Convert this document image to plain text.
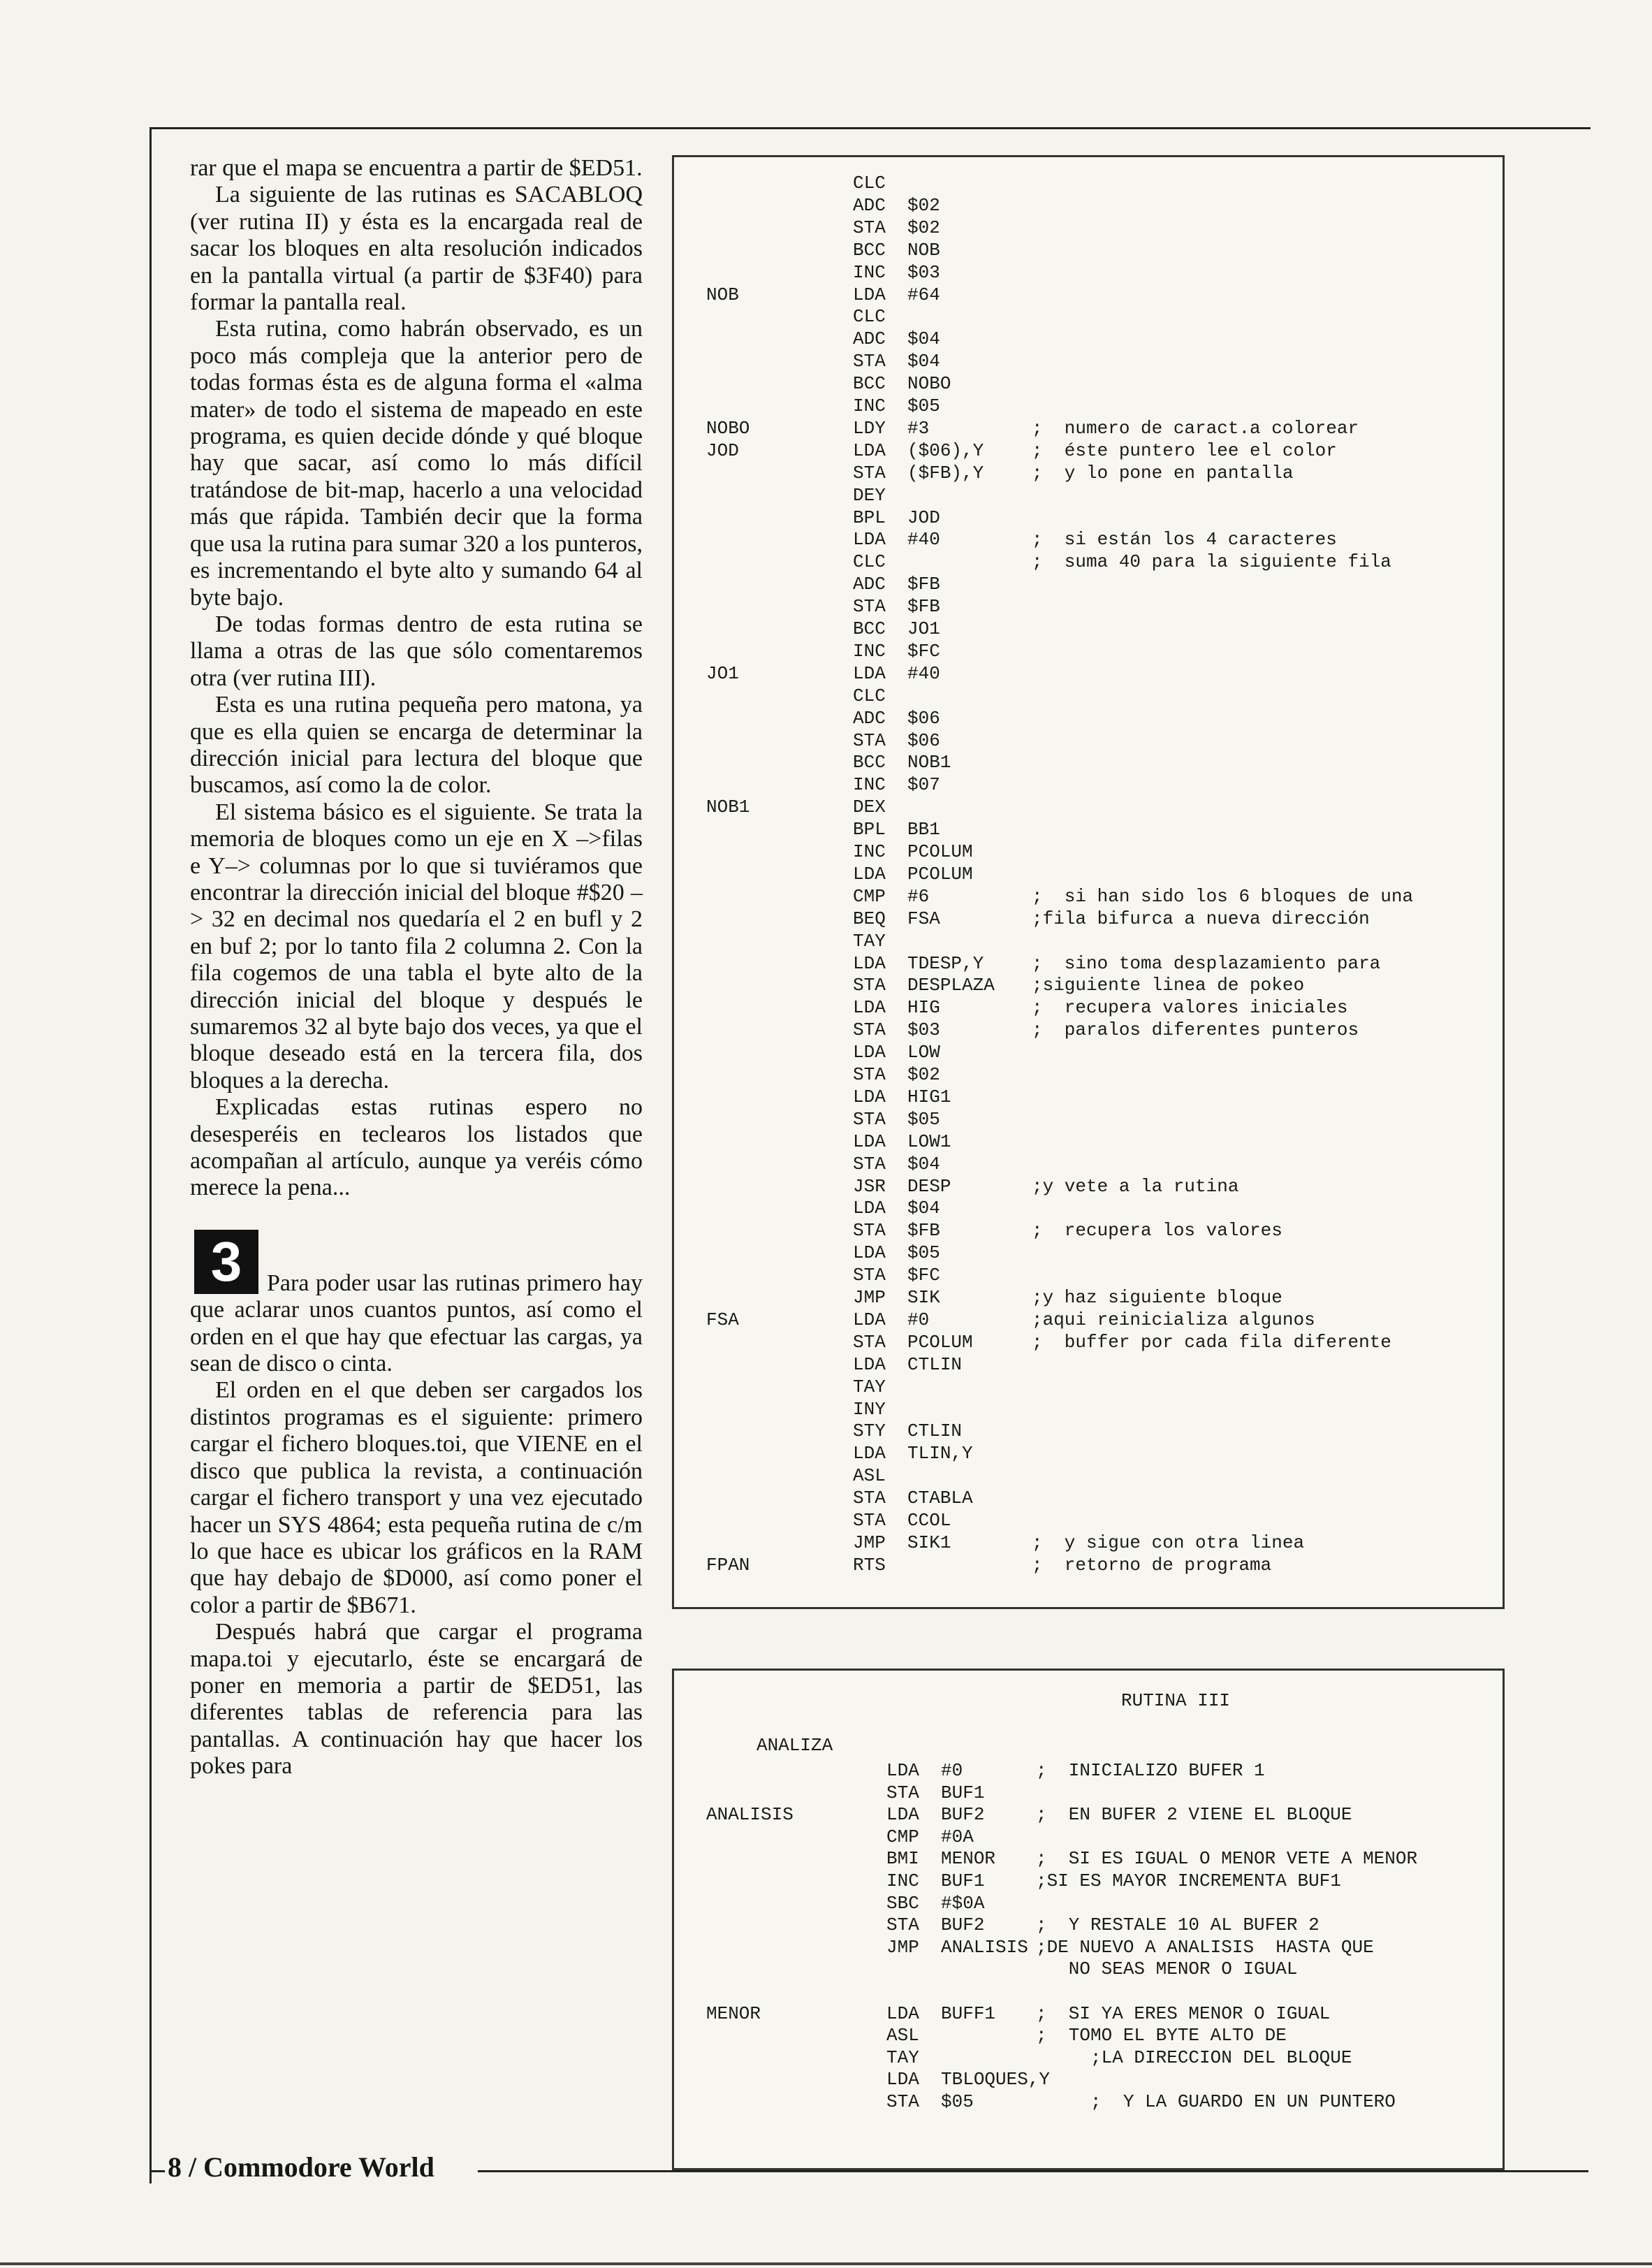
rar que el mapa se encuentra a partir de $ED51.

La siguiente de las rutinas es SACABLOQ (ver rutina II) y ésta es la encargada real de sacar los bloques en alta resolución indicados en la pantalla virtual (a partir de $3F40) para formar la pantalla real.

Esta rutina, como habrán observado, es un poco más compleja que la anterior pero de todas formas ésta es de alguna forma el «alma mater» de todo el sistema de mapeado en este programa, es quien decide dónde y qué bloque hay que sacar, así como lo más difícil tratándose de bit-map, hacerlo a una velocidad más que rápida. También decir que la forma que usa la rutina para sumar 320 a los punteros, es incrementando el byte alto y sumando 64 al byte bajo.

De todas formas dentro de esta rutina se llama a otras de las que sólo comentaremos otra (ver rutina III).

Esta es una rutina pequeña pero matona, ya que es ella quien se encarga de determinar la dirección inicial para lectura del bloque que buscamos, así como la de color.

El sistema básico es el siguiente. Se trata la memoria de bloques como un eje en X –>filas e Y–> columnas por lo que si tuviéramos que encontrar la dirección inicial del bloque #$20 –> 32 en decimal nos quedaría el 2 en bufl y 2 en buf 2; por lo tanto fila 2 columna 2. Con la fila cogemos de una tabla el byte alto de la dirección inicial del bloque y después le sumaremos 32 al byte bajo dos veces, ya que el bloque deseado está en la tercera fila, dos bloques a la derecha.

Explicadas estas rutinas espero no desesperéis en teclearos los listados que acompañan al artículo, aunque ya veréis cómo merece la pena...

3	Para poder usar las rutinas primero hay que aclarar unos cuantos puntos, así como el orden en el que hay que efectuar las cargas, ya sean de disco o cinta.

El orden en el que deben ser cargados los distintos programas es el siguiente: primero cargar el fichero bloques.toi, que VIENE en el disco que publica la revista, a continuación cargar el fichero transport y una vez ejecutado hacer un SYS 4864; esta pequeña rutina de c/m lo que hace es ubicar los gráficos en la RAM que hay debajo de $D000, así como poner el color a partir de $B671.

Después habrá que cargar el programa mapa.toi y ejecutarlo, éste se encargará de poner en memoria a partir de $ED51, las diferentes tablas de referencia para las pantallas. A continuación hay que hacer los pokes para

CLC
ADC  $02
STA  $02
BCC  NOB
INC  $03
NOB	LDA  #64
CLC
ADC  $04
STA  $04
BCC  NOBO
INC  $05
NOBO	LDY  #3	;  numero de caract.a colorear
JOD	LDA  ($06),Y	;  éste puntero lee el color
STA  ($FB),Y	;  y lo pone en pantalla
DEY
BPL  JOD
LDA  #40	;  si están los 4 caracteres
CLC	;  suma 40 para la siguiente fila
ADC  $FB
STA  $FB
BCC  JO1
INC  $FC
JO1	LDA  #40
CLC
ADC  $06
STA  $06
BCC  NOB1
INC  $07
NOB1	DEX
BPL  BB1
INC  PCOLUM
LDA  PCOLUM
CMP  #6	;  si han sido los 6 bloques de una
BEQ  FSA	;fila bifurca a nueva dirección
TAY
LDA  TDESP,Y	;  sino toma desplazamiento para
STA  DESPLAZA ;siguiente linea de pokeo
LDA  HIG	;  recupera valores iniciales
STA  $03	;  paralos diferentes punteros
LDA  LOW
STA  $02
LDA  HIG1
STA  $05
LDA  LOW1
STA  $04
JSR  DESP	;y vete a la rutina
LDA  $04
STA  $FB	;  recupera los valores
LDA  $05
STA  $FC
JMP  SIK	;y haz siguiente bloque
FSA	LDA  #0	;aqui reinicializa algunos
STA  PCOLUM	;  buffer por cada fila diferente
LDA  CTLIN
TAY
INY
STY  CTLIN
LDA  TLIN,Y
ASL
STA  CTABLA
STA  CCOL
JMP  SIK1	;  y sigue con otra linea
FPAN	RTS	;  retorno de programa
RUTINA III
ANALIZA
LDA  #0	;  INICIALIZO BUFER 1
STA  BUF1
ANALISIS	LDA  BUF2	;  EN BUFER 2 VIENE EL BLOQUE
CMP  #0A
BMI  MENOR ;  SI ES IGUAL O MENOR VETE A MENOR
INC  BUF1	;SI ES MAYOR INCREMENTA BUF1
SBC  #$0A
STA  BUF2	;  Y RESTALE 10 AL BUFER 2
JMP  ANALISIS ;DE NUEVO A ANALISIS  HASTA QUE
NO SEAS MENOR O IGUAL
MENOR	LDA  BUFF1 ;  SI YA ERES MENOR O IGUAL
ASL	;  TOMO EL BYTE ALTO DE
TAY	;LA DIRECCION DEL BLOQUE
LDA  TBLOQUES,Y
STA  $05	;  Y LA GUARDO EN UN PUNTERO
8 / Commodore World
